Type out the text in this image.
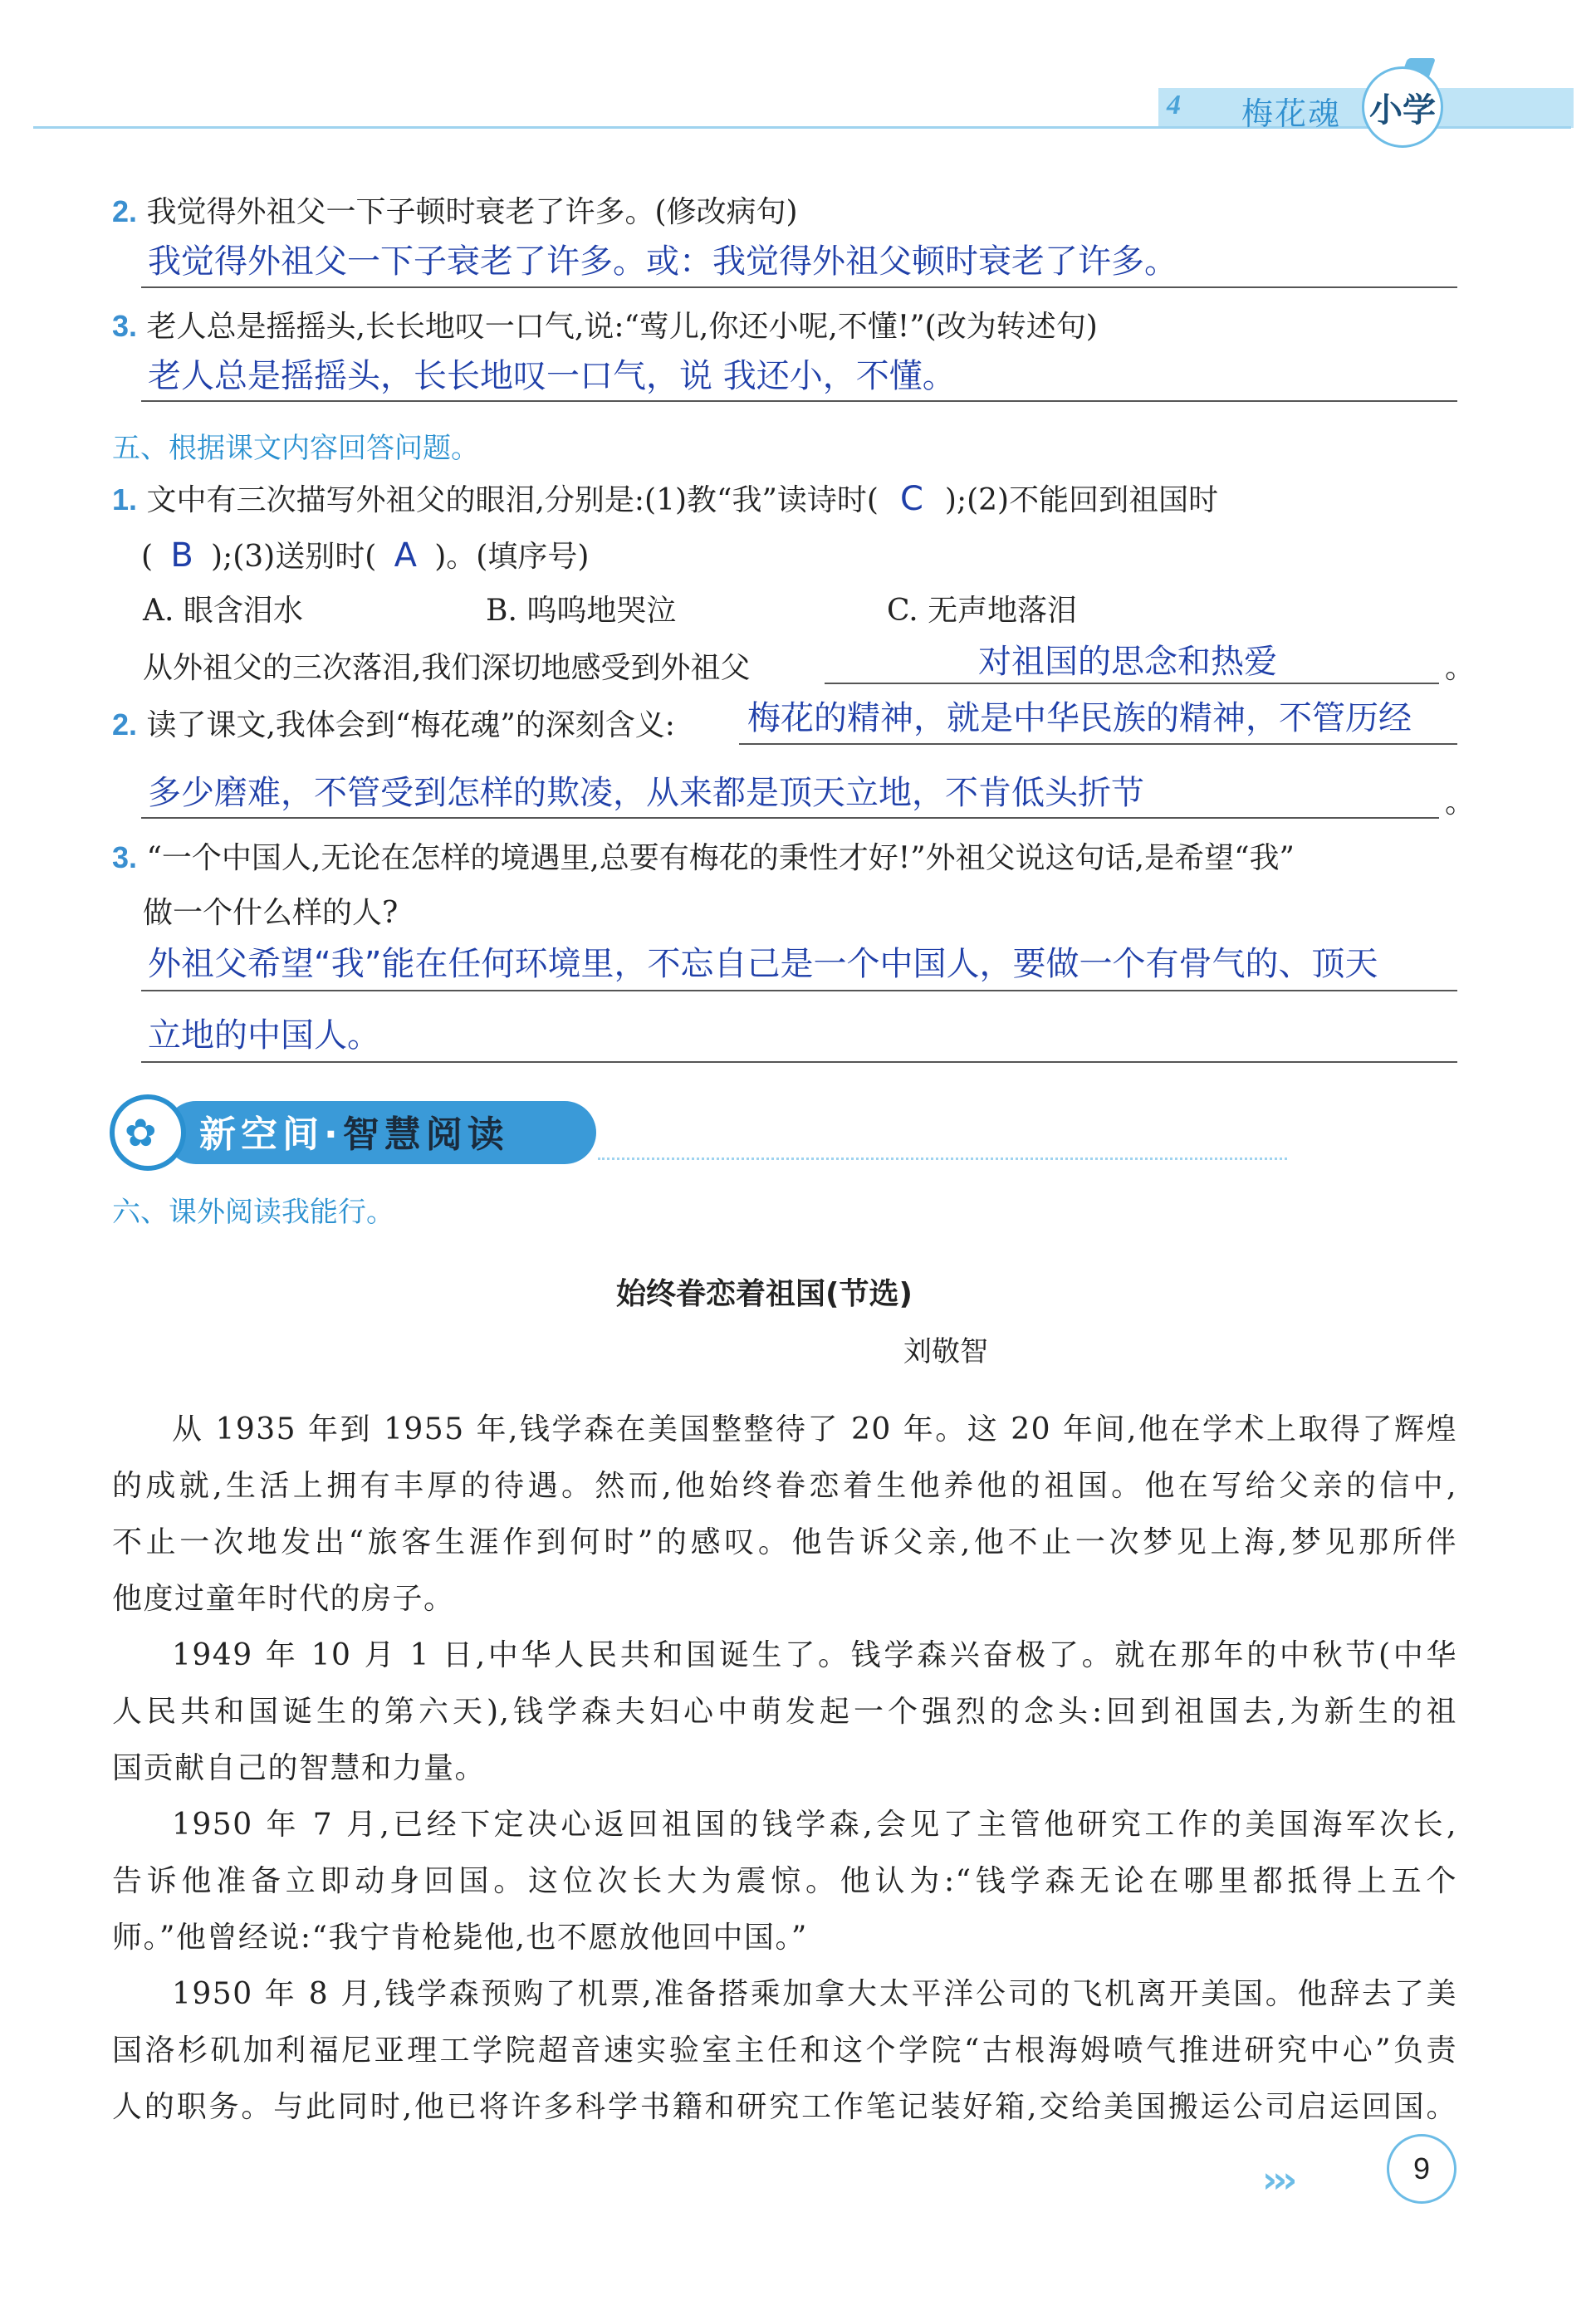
4 梅花魂 小学
2. 我觉得外祖父一下子顿时衰老了许多。(修改病句)
我觉得外祖父一下子衰老了许多。或：我觉得外祖父顿时衰老了许多。
3. 老人总是摇摇头,长长地叹一口气,说:“莺儿,你还小呢,不懂!”(改为转述句)
老人总是摇摇头，长长地叹一口气，说 我还小，不懂。
五、根据课文内容回答问题。
1. 文中有三次描写外祖父的眼泪,分别是:(1)教“我”读诗时( C );(2)不能回到祖国时
( B );(3)送别时( A )。(填序号)
A. 眼含泪水	B. 呜呜地哭泣	C. 无声地落泪
从外祖父的三次落泪,我们深切地感受到外祖父	对祖国的思念和热爱	。
2. 读了课文,我体会到“梅花魂”的深刻含义: 梅花的精神，就是中华民族的精神，不管历经
多少磨难，不管受到怎样的欺凌，从来都是顶天立地，不肯低头折节	。
3. “一个中国人,无论在怎样的境遇里,总要有梅花的秉性才好!”外祖父说这句话,是希望“我”
做一个什么样的人?
外祖父希望“我”能在任何环境里，不忘自己是一个中国人，要做一个有骨气的、顶天
立地的中国人。
✿ 新空间·智慧阅读
六、课外阅读我能行。
始终眷恋着祖国(节选)
刘敬智
从 1935 年到 1955 年,钱学森在美国整整待了 20 年。这 20 年间,他在学术上取得了辉煌
的成就,生活上拥有丰厚的待遇。然而,他始终眷恋着生他养他的祖国。他在写给父亲的信中,
不止一次地发出“旅客生涯作到何时”的感叹。他告诉父亲,他不止一次梦见上海,梦见那所伴
他度过童年时代的房子。
1949 年 10 月 1 日,中华人民共和国诞生了。钱学森兴奋极了。就在那年的中秋节(中华
人民共和国诞生的第六天),钱学森夫妇心中萌发起一个强烈的念头:回到祖国去,为新生的祖
国贡献自己的智慧和力量。
1950 年 7 月,已经下定决心返回祖国的钱学森,会见了主管他研究工作的美国海军次长,
告诉他准备立即动身回国。这位次长大为震惊。他认为:“钱学森无论在哪里都抵得上五个
师。”他曾经说:“我宁肯枪毙他,也不愿放他回中国。”
1950 年 8 月,钱学森预购了机票,准备搭乘加拿大太平洋公司的飞机离开美国。他辞去了美
国洛杉矶加利福尼亚理工学院超音速实验室主任和这个学院“古根海姆喷气推进研究中心”负责
人的职务。与此同时,他已将许多科学书籍和研究工作笔记装好箱,交给美国搬运公司启运回国。
›››	9
